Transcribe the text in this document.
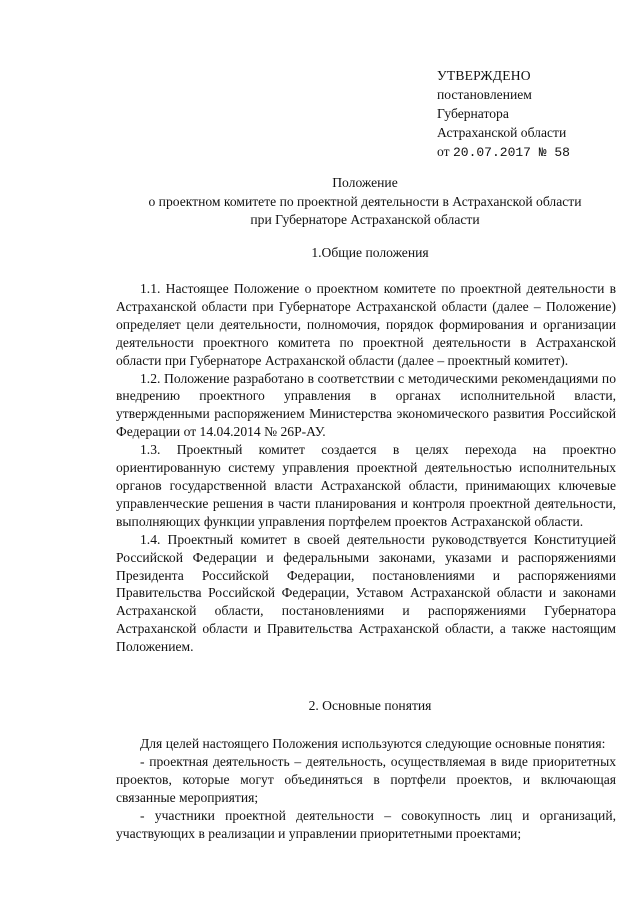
УТВЕРЖДЕНО
постановлением
Губернатора
Астраханской области
от 20.07.2017 № 58
Положение
о проектном комитете по проектной деятельности в Астраханской области
при Губернаторе Астраханской области
1.Общие положения

1.1. Настоящее Положение о проектном комитете по проектной деятельности в Астраханской области при Губернаторе Астраханской области (далее – Положение) определяет цели деятельности, полномочия, порядок формирования и организации деятельности проектного комитета по проектной деятельности в Астраханской области при Губернаторе Астраханской области (далее – проектный комитет).

1.2. Положение разработано в соответствии с методическими рекомендациями по внедрению проектного управления в органах исполнительной власти, утвержденными распоряжением Министерства экономического развития Российской Федерации от 14.04.2014 № 26Р-АУ.

1.3. Проектный комитет создается в целях перехода на проектно ориентированную систему управления проектной деятельностью исполнительных органов государственной власти Астраханской области, принимающих ключевые управленческие решения в части планирования и контроля проектной деятельности, выполняющих функции управления портфелем проектов Астраханской области.

1.4. Проектный комитет в своей деятельности руководствуется Конституцией Российской Федерации и федеральными законами, указами и распоряжениями Президента Российской Федерации, постановлениями и распоряжениями Правительства Российской Федерации, Уставом Астраханской области и законами Астраханской области, постановлениями и распоряжениями Губернатора Астраханской области и Правительства Астраханской области, а также настоящим Положением.

2. Основные понятия

Для целей настоящего Положения используются следующие основные понятия:

- проектная деятельность – деятельность, осуществляемая в виде приоритетных проектов, которые могут объединяться в портфели проектов, и включающая связанные мероприятия;

- участники проектной деятельности – совокупность лиц и организаций, участвующих в реализации и управлении приоритетными проектами;
